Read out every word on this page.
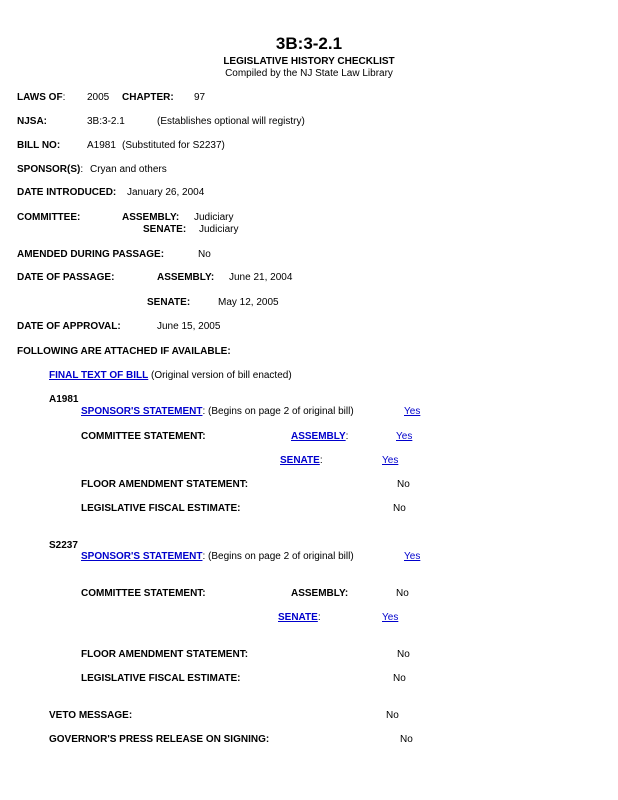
3B:3-2.1
LEGISLATIVE HISTORY CHECKLIST
Compiled by the NJ State Law Library
LAWS OF: 2005 CHAPTER: 97
NJSA:	3B:3-2.1	(Establishes optional will registry)
BILL NO:	A1981 (Substituted for S2237)
SPONSOR(S): Cryan and others
DATE INTRODUCED: January 26, 2004
COMMITTEE:	ASSEMBLY: Judiciary
SENATE: Judiciary
AMENDED DURING PASSAGE:	No
DATE OF PASSAGE:	ASSEMBLY: June 21, 2004
SENATE:	May 12, 2005
DATE OF APPROVAL:	June 15, 2005
FOLLOWING ARE ATTACHED IF AVAILABLE:
FINAL TEXT OF BILL (Original version of bill enacted)
A1981
SPONSOR'S STATEMENT: (Begins on page 2 of original bill)	Yes
COMMITTEE STATEMENT:	ASSEMBLY:	Yes
SENATE:	Yes
FLOOR AMENDMENT STATEMENT:	No
LEGISLATIVE FISCAL ESTIMATE:	No
S2237
SPONSOR'S STATEMENT: (Begins on page 2 of original bill)	Yes
COMMITTEE STATEMENT:	ASSEMBLY:	No
SENATE:	Yes
FLOOR AMENDMENT STATEMENT:	No
LEGISLATIVE FISCAL ESTIMATE:	No
VETO MESSAGE:	No
GOVERNOR'S PRESS RELEASE ON SIGNING:	No
